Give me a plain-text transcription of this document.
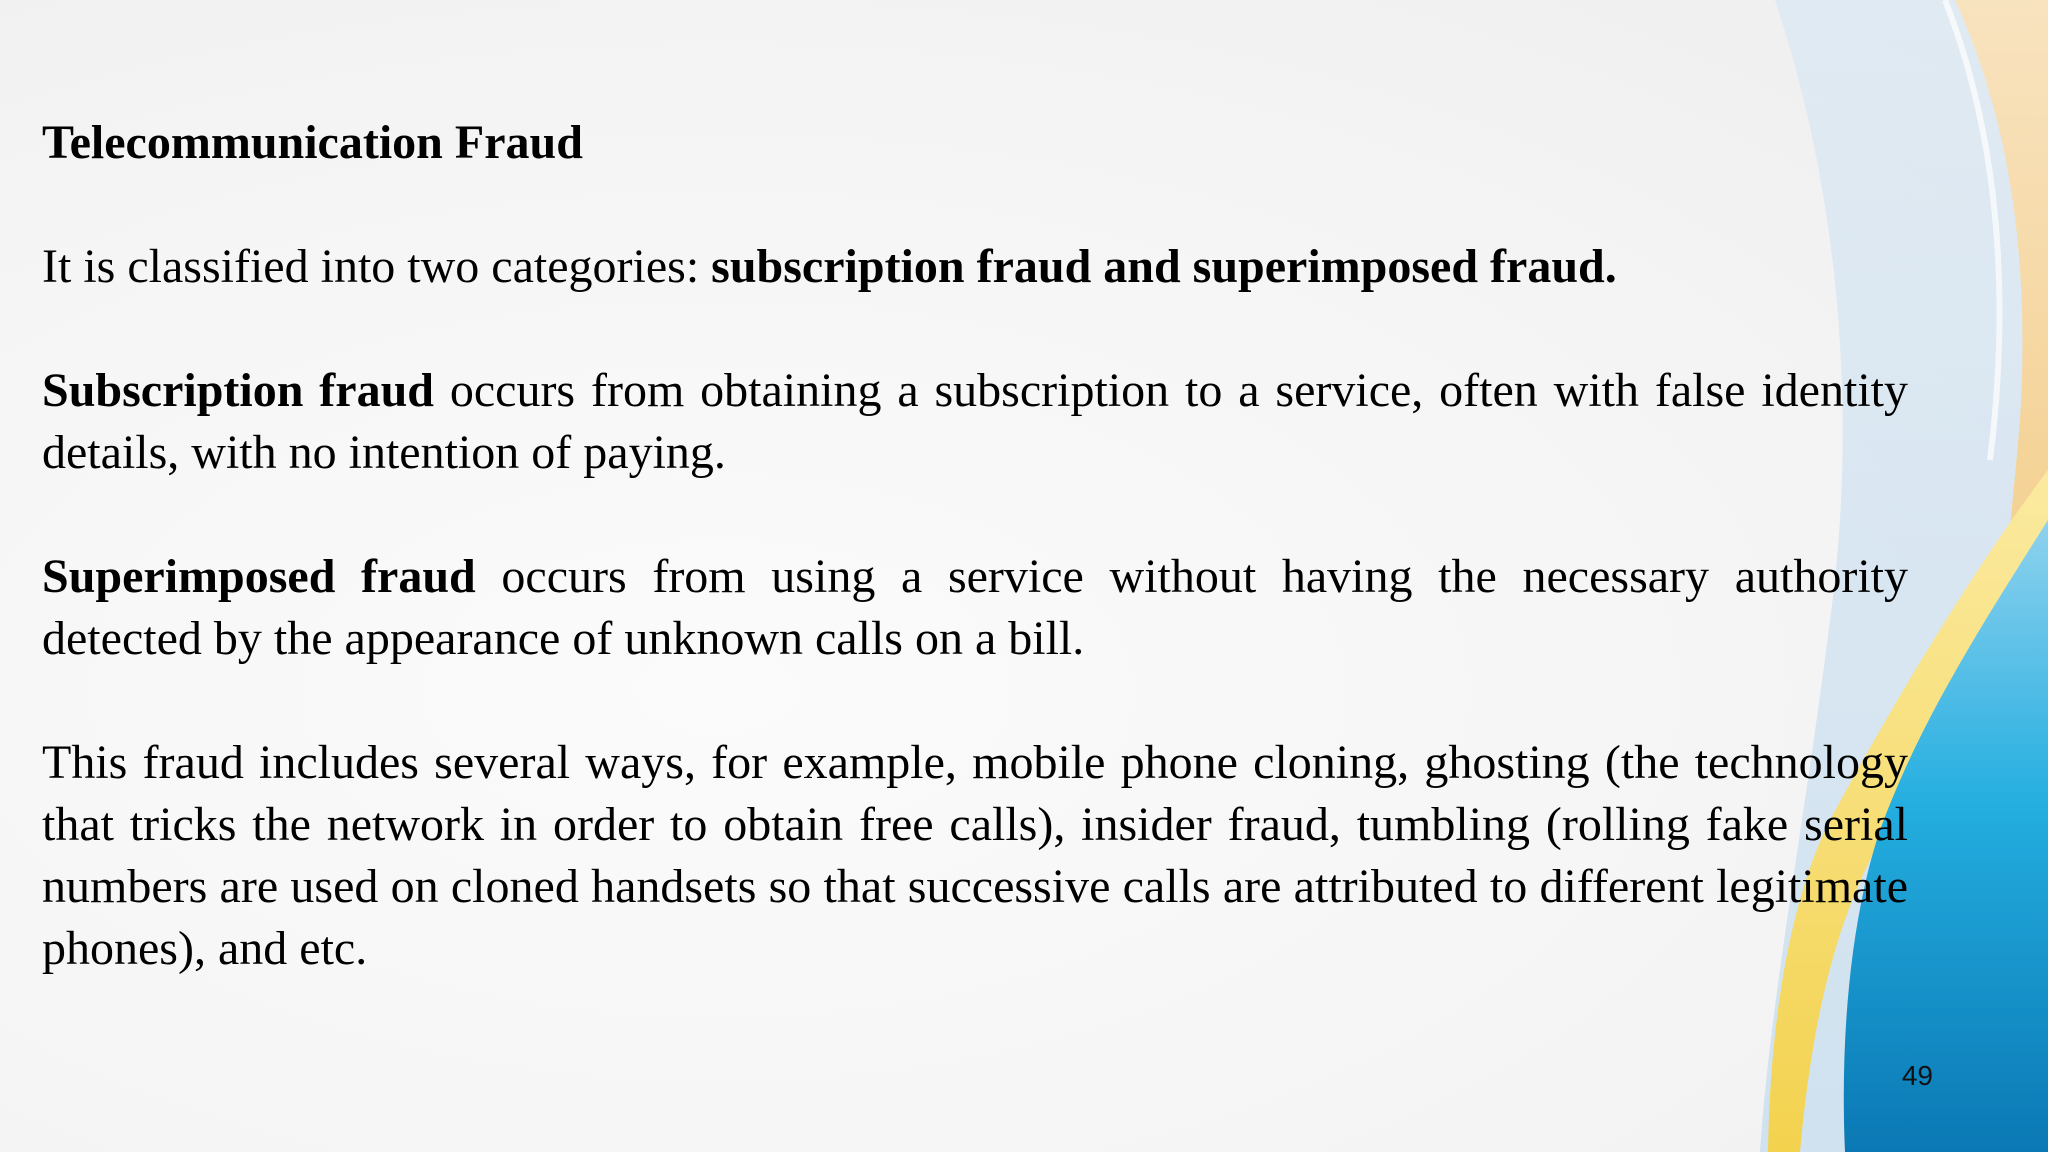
Telecommunication Fraud

It is classified into two categories: subscription fraud and superimposed fraud.

Subscription fraud occurs from obtaining a subscription to a service, often with false identity details, with no intention of paying.

Superimposed fraud occurs from using a service without having the necessary authority detected by the appearance of unknown calls on a bill.

This fraud includes several ways, for example, mobile phone cloning, ghosting (the technology that tricks the network in order to obtain free calls), insider fraud, tumbling (rolling fake serial numbers are used on cloned handsets so that successive calls are attributed to different legitimate phones), and etc.

49
